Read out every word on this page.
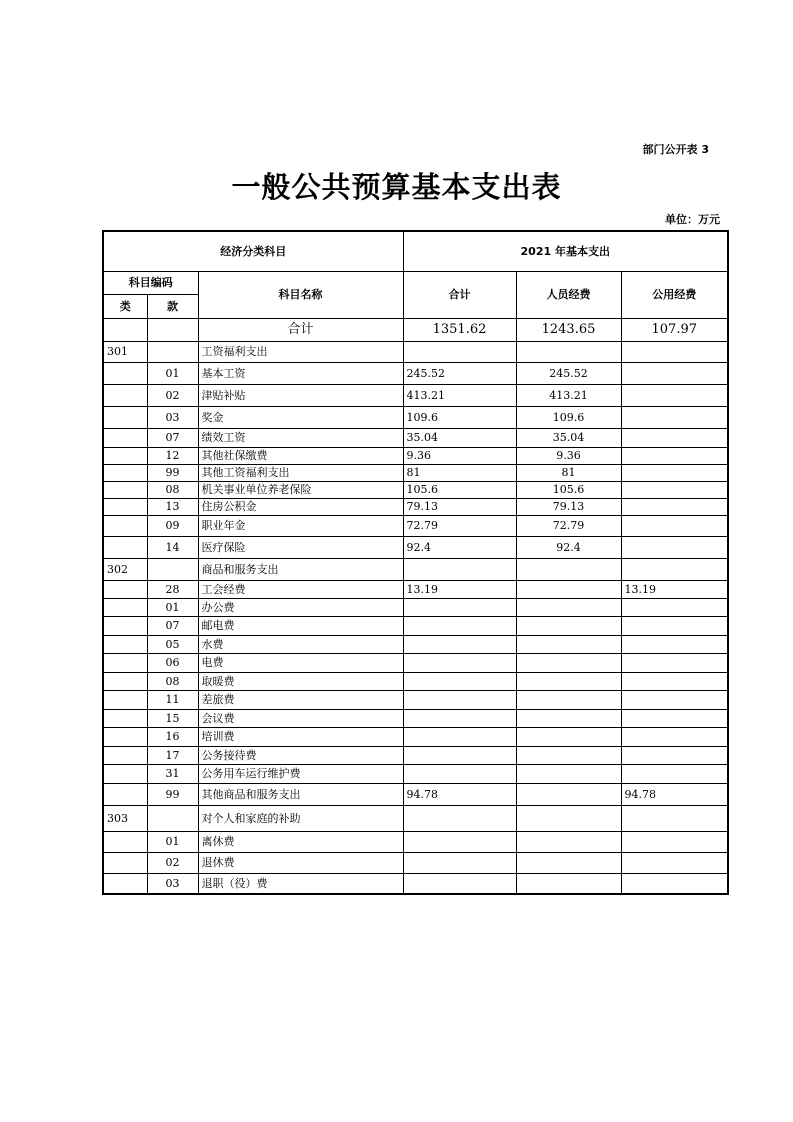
部门公开表 3
一般公共预算基本支出表
单位：万元
经济分类科目			2021 年基本支出		
科目编码		科目名称	合计	人员经费	公用经费
类	款				
		合计	1351.62	1243.65	107.97
301		工资福利支出			
	01	基本工资	245.52	245.52	
	02	津贴补贴	413.21	413.21	
	03	奖金	109.6	109.6	
	07	绩效工资	35.04	35.04	
	12	其他社保缴费	9.36	9.36	
	99	其他工资福利支出	81	81	
	08	机关事业单位养老保险	105.6	105.6	
	13	住房公积金	79.13	79.13	
	09	职业年金	72.79	72.79	
	14	医疗保险	92.4	92.4	
302		商品和服务支出			
	28	工会经费	13.19		13.19
	01	办公费			
	07	邮电费			
	05	水费			
	06	电费			
	08	取暖费			
	11	差旅费			
	15	会议费			
	16	培训费			
	17	公务接待费			
	31	公务用车运行维护费			
	99	其他商品和服务支出	94.78		94.78
303		对个人和家庭的补助			
	01	离休费			
	02	退休费			
	03	退职（役）费			
